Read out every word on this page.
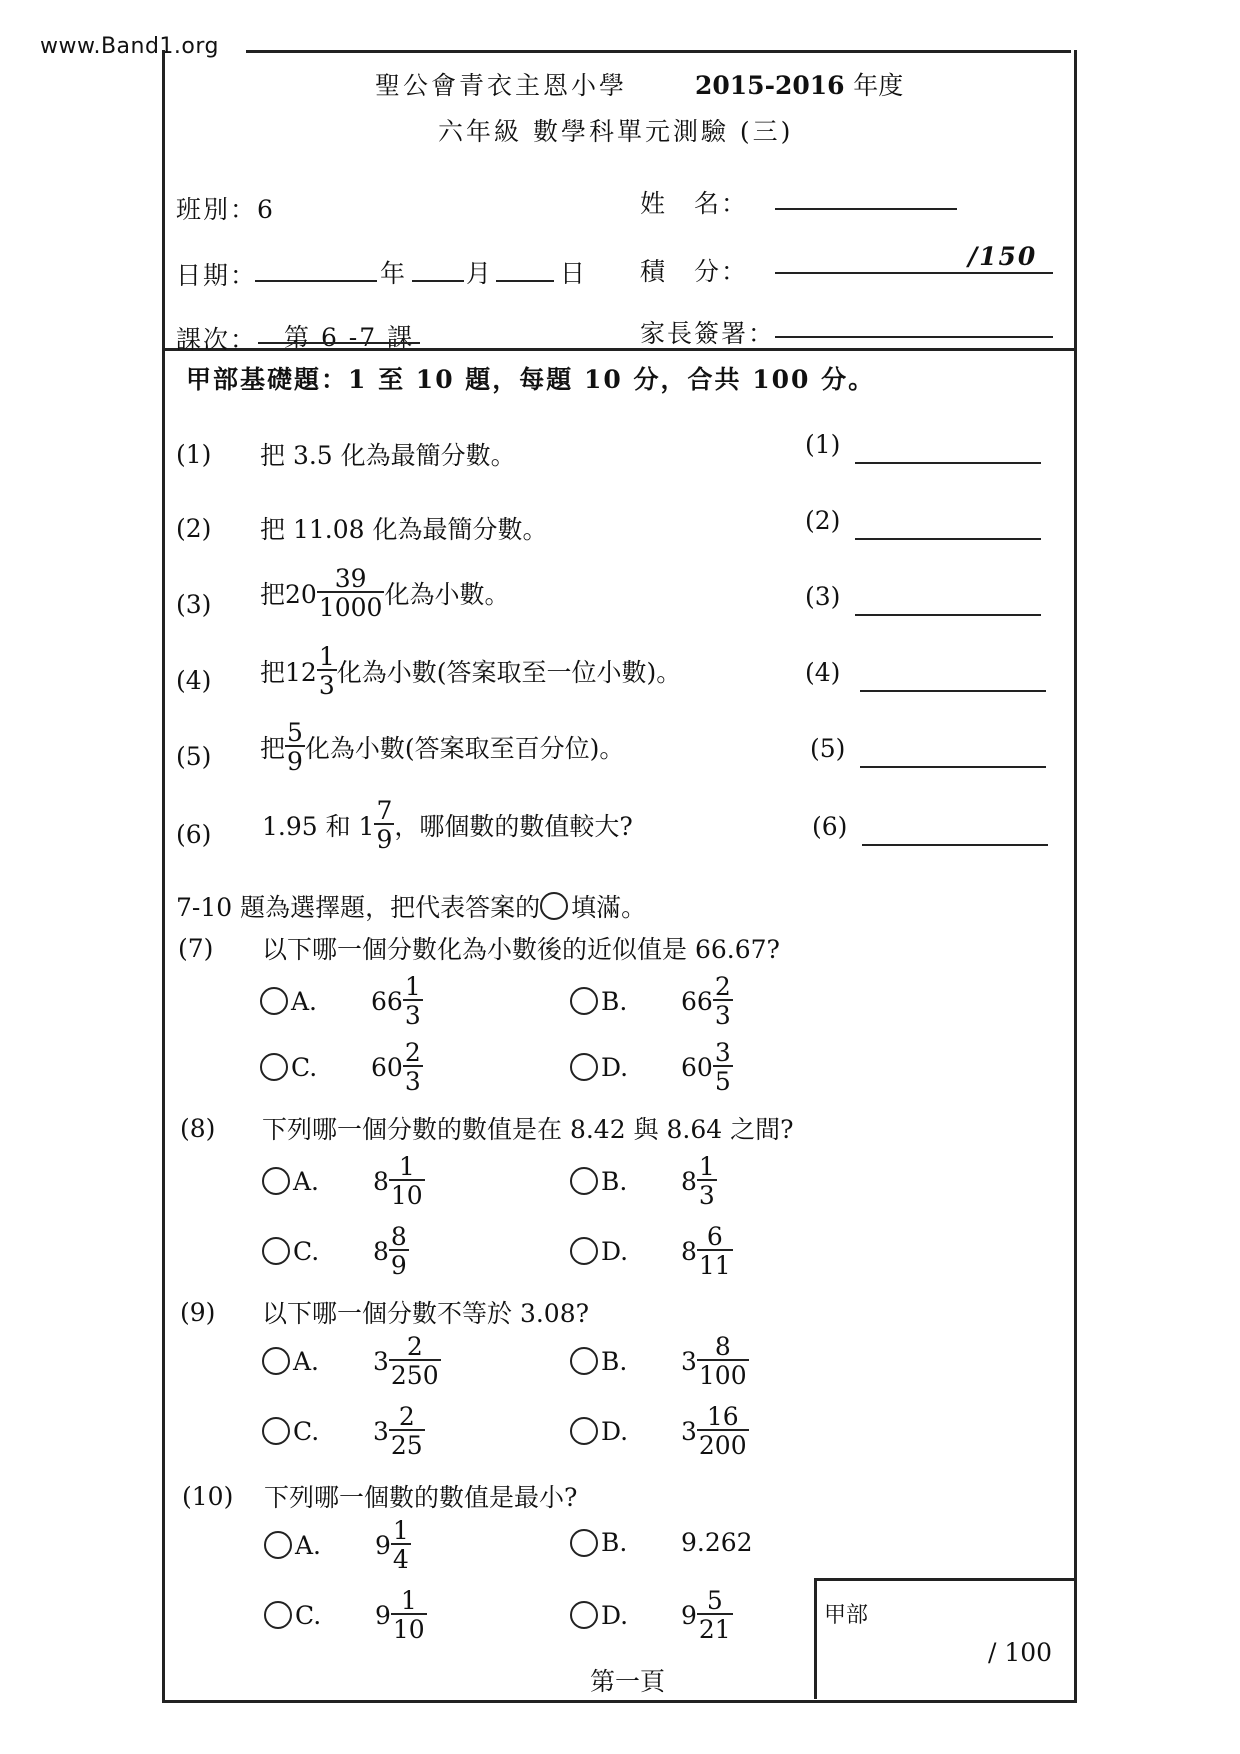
www.Band1.org
聖公會青衣主恩小學	2015-2016 年度
六年級 數學科單元測驗 (三)
班別：6	姓　名：
日期：	年 月	日 積　分：
/150
課次： 第 6 -7 課	家長簽署：
甲部基礎題：1 至 10 題，每題 10 分，合共 100 分。
(1) 把 3.5 化為最簡分數。	(1)
(2) 把 11.08 化為最簡分數。	(2)
(3) 把$20 \frac{39}{1000}$ 化為小數。	(3)
(4) 把$12 \frac{1}{3}$ 化為小數(答案取至一位小數)。	(4)
(5) 把 $\frac{5}{9}$ 化為小數(答案取至百分位)。	(5)
(6) 1.95 和 $1 \frac{7}{9}$ ，哪個數的數值較大?	(6)
7-10 題為選擇題，把代表答案的 填滿。
(7) 以下哪一個分數化為小數後的近似值是 66.67?
A.	$66 \frac{1}{3}$	B.	$66 \frac{2}{3}$
C.	$60 \frac{2}{3}$	D.	$60 \frac{3}{5}$
(8) 下列哪一個分數的數值是在 8.42 與 8.64 之間?
A.	$8 \frac{1}{10}$	B.	$8 \frac{1}{3}$
C.	$8 \frac{8}{9}$	D.	$8 \frac{6}{11}$
(9) 以下哪一個分數不等於 3.08?
A.	$3 \frac{2}{250}$	B.	$3 \frac{8}{100}$
C.	$3 \frac{2}{25}$	D.	$3 \frac{16}{200}$
(10) 下列哪一個數的數值是最小?
A.	$9 \frac{1}{4}$	B.	9.262
C.	$9 \frac{1}{10}$	D.	$9 \frac{5}{21}$
第一頁
甲部
/ 100
